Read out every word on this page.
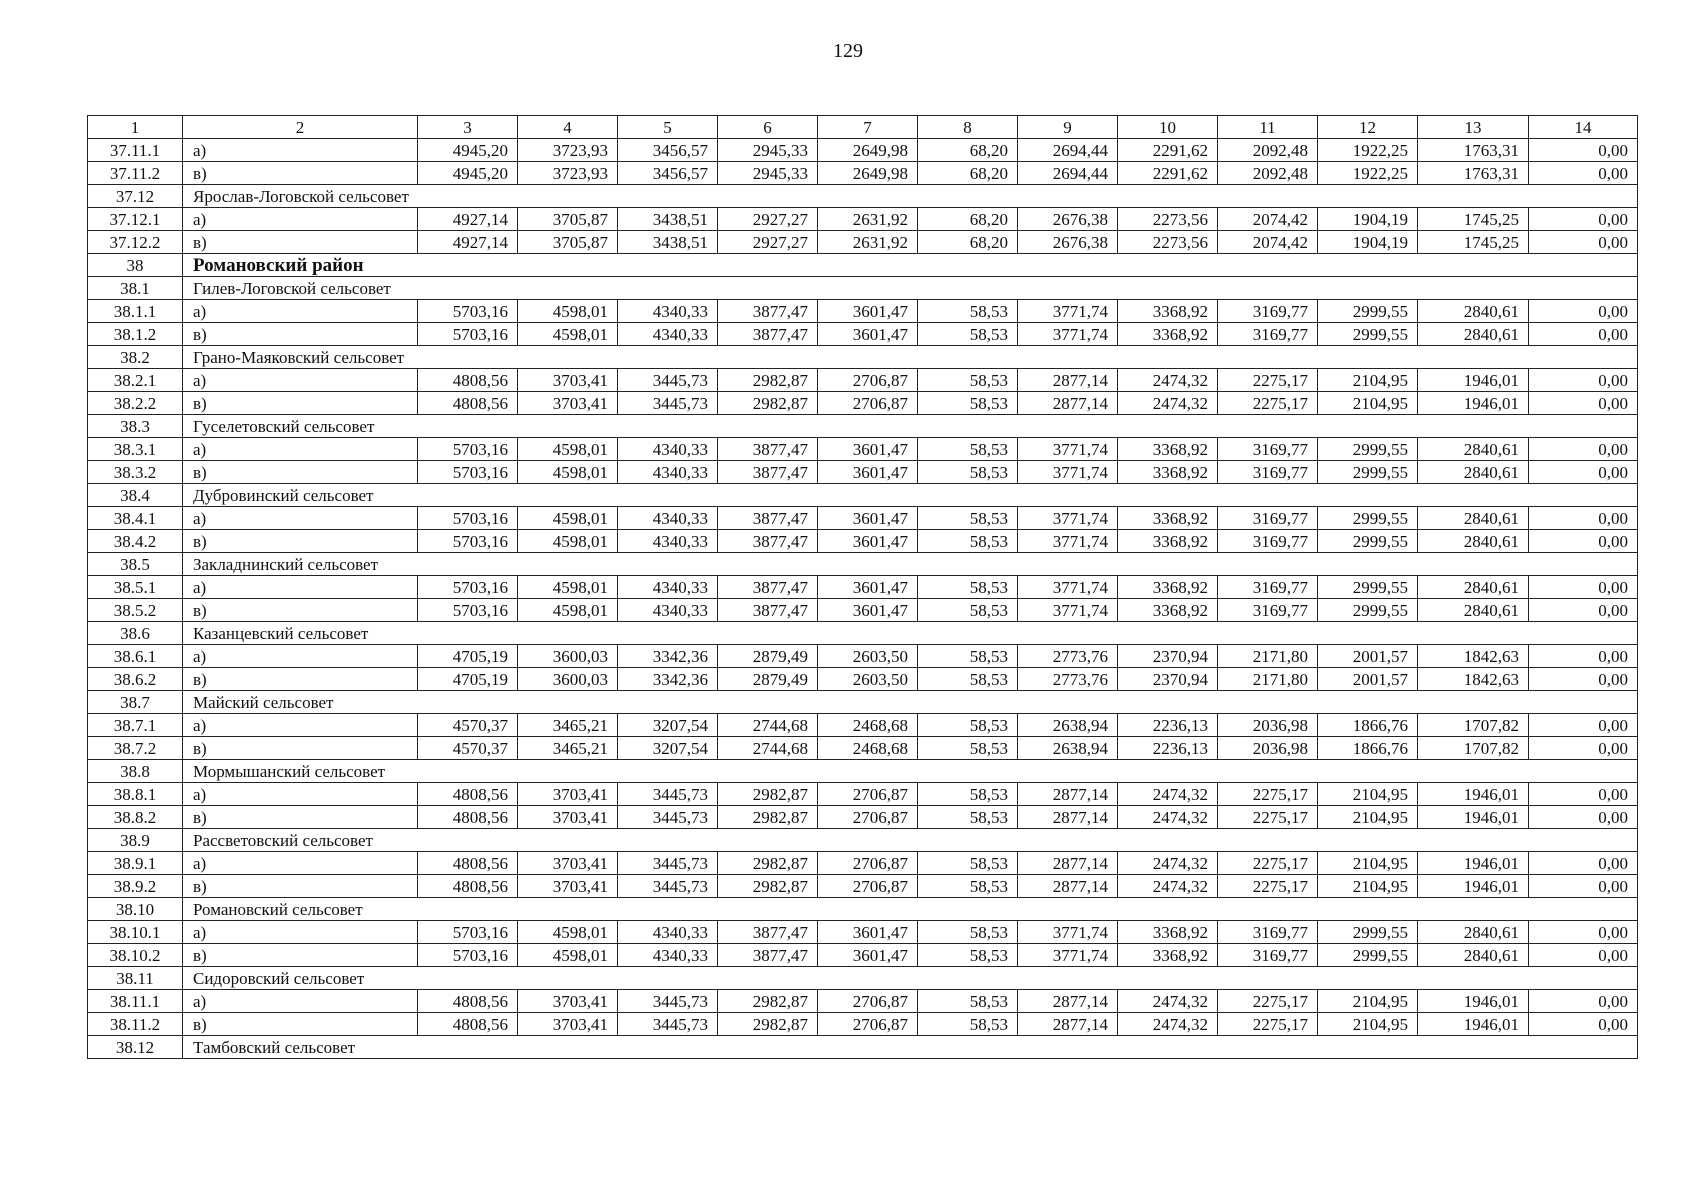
129
1	2	3	4	5	6	7	8	9	10	11	12	13	14
37.11.1	а)	4945,20	3723,93	3456,57	2945,33	2649,98	68,20	2694,44	2291,62	2092,48	1922,25	1763,31	0,00
37.11.2	в)	4945,20	3723,93	3456,57	2945,33	2649,98	68,20	2694,44	2291,62	2092,48	1922,25	1763,31	0,00
37.12	Ярослав-Логовской сельсовет												
37.12.1	а)	4927,14	3705,87	3438,51	2927,27	2631,92	68,20	2676,38	2273,56	2074,42	1904,19	1745,25	0,00
37.12.2	в)	4927,14	3705,87	3438,51	2927,27	2631,92	68,20	2676,38	2273,56	2074,42	1904,19	1745,25	0,00
38	Романовский район												
38.1	Гилев-Логовской сельсовет												
38.1.1	а)	5703,16	4598,01	4340,33	3877,47	3601,47	58,53	3771,74	3368,92	3169,77	2999,55	2840,61	0,00
38.1.2	в)	5703,16	4598,01	4340,33	3877,47	3601,47	58,53	3771,74	3368,92	3169,77	2999,55	2840,61	0,00
38.2	Грано-Маяковский сельсовет												
38.2.1	а)	4808,56	3703,41	3445,73	2982,87	2706,87	58,53	2877,14	2474,32	2275,17	2104,95	1946,01	0,00
38.2.2	в)	4808,56	3703,41	3445,73	2982,87	2706,87	58,53	2877,14	2474,32	2275,17	2104,95	1946,01	0,00
38.3	Гуселетовский сельсовет												
38.3.1	а)	5703,16	4598,01	4340,33	3877,47	3601,47	58,53	3771,74	3368,92	3169,77	2999,55	2840,61	0,00
38.3.2	в)	5703,16	4598,01	4340,33	3877,47	3601,47	58,53	3771,74	3368,92	3169,77	2999,55	2840,61	0,00
38.4	Дубровинский сельсовет												
38.4.1	а)	5703,16	4598,01	4340,33	3877,47	3601,47	58,53	3771,74	3368,92	3169,77	2999,55	2840,61	0,00
38.4.2	в)	5703,16	4598,01	4340,33	3877,47	3601,47	58,53	3771,74	3368,92	3169,77	2999,55	2840,61	0,00
38.5	Закладнинский сельсовет												
38.5.1	а)	5703,16	4598,01	4340,33	3877,47	3601,47	58,53	3771,74	3368,92	3169,77	2999,55	2840,61	0,00
38.5.2	в)	5703,16	4598,01	4340,33	3877,47	3601,47	58,53	3771,74	3368,92	3169,77	2999,55	2840,61	0,00
38.6	Казанцевский сельсовет												
38.6.1	а)	4705,19	3600,03	3342,36	2879,49	2603,50	58,53	2773,76	2370,94	2171,80	2001,57	1842,63	0,00
38.6.2	в)	4705,19	3600,03	3342,36	2879,49	2603,50	58,53	2773,76	2370,94	2171,80	2001,57	1842,63	0,00
38.7	Майский сельсовет												
38.7.1	а)	4570,37	3465,21	3207,54	2744,68	2468,68	58,53	2638,94	2236,13	2036,98	1866,76	1707,82	0,00
38.7.2	в)	4570,37	3465,21	3207,54	2744,68	2468,68	58,53	2638,94	2236,13	2036,98	1866,76	1707,82	0,00
38.8	Мормышанский сельсовет												
38.8.1	а)	4808,56	3703,41	3445,73	2982,87	2706,87	58,53	2877,14	2474,32	2275,17	2104,95	1946,01	0,00
38.8.2	в)	4808,56	3703,41	3445,73	2982,87	2706,87	58,53	2877,14	2474,32	2275,17	2104,95	1946,01	0,00
38.9	Рассветовский сельсовет												
38.9.1	а)	4808,56	3703,41	3445,73	2982,87	2706,87	58,53	2877,14	2474,32	2275,17	2104,95	1946,01	0,00
38.9.2	в)	4808,56	3703,41	3445,73	2982,87	2706,87	58,53	2877,14	2474,32	2275,17	2104,95	1946,01	0,00
38.10	Романовский сельсовет												
38.10.1	а)	5703,16	4598,01	4340,33	3877,47	3601,47	58,53	3771,74	3368,92	3169,77	2999,55	2840,61	0,00
38.10.2	в)	5703,16	4598,01	4340,33	3877,47	3601,47	58,53	3771,74	3368,92	3169,77	2999,55	2840,61	0,00
38.11	Сидоровский сельсовет												
38.11.1	а)	4808,56	3703,41	3445,73	2982,87	2706,87	58,53	2877,14	2474,32	2275,17	2104,95	1946,01	0,00
38.11.2	в)	4808,56	3703,41	3445,73	2982,87	2706,87	58,53	2877,14	2474,32	2275,17	2104,95	1946,01	0,00
38.12	Тамбовский сельсовет												
